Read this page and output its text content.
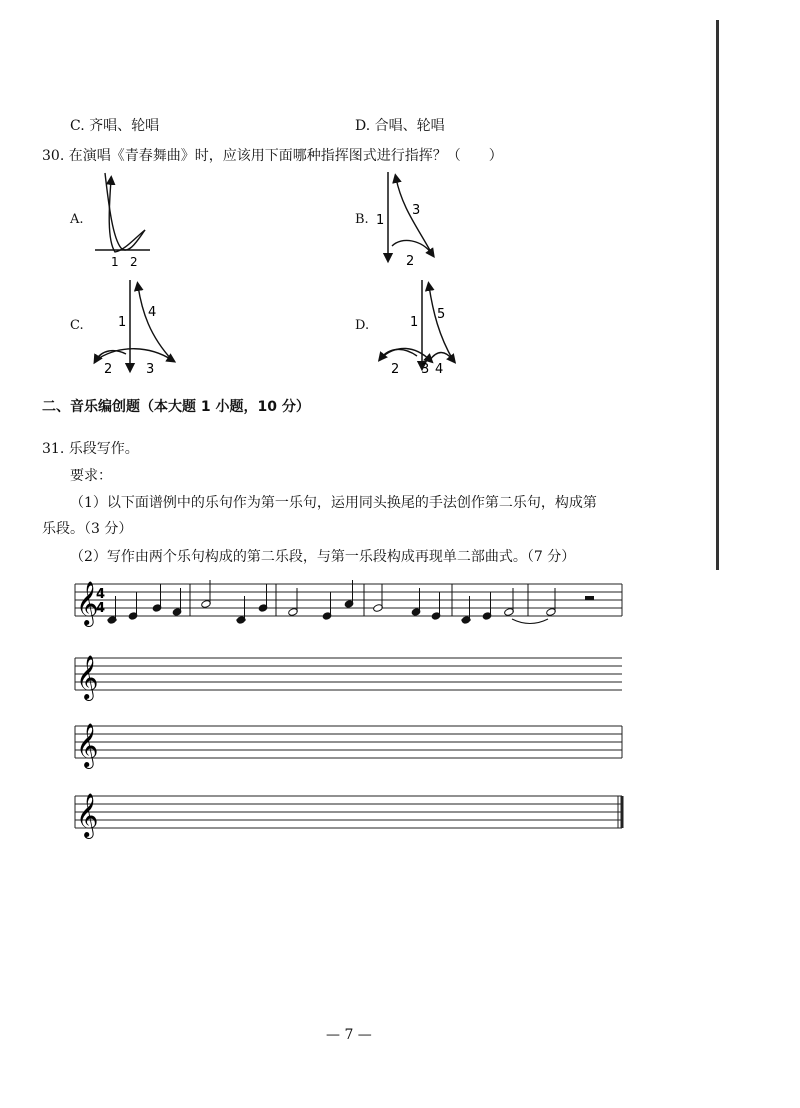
C. 齐唱、轮唱	D. 合唱、轮唱
30. 在演唱《青春舞曲》时，应该用下面哪种指挥图式进行指挥？（　　）
A.
1 2
B. 1
3
2
C.	1
4
2	3
D.	1
5
2 3 4
二、音乐编创题（本大题 1 小题，10 分）
31. 乐段写作。
要求：
（1）以下面谱例中的乐句作为第一乐句，运用同头换尾的手法创作第二乐句，构成第
乐段。（3 分）
（2）写作由两个乐句构成的第二乐段，与第一乐段构成再现单二部曲式。（7 分）
4
4
— 7 —
